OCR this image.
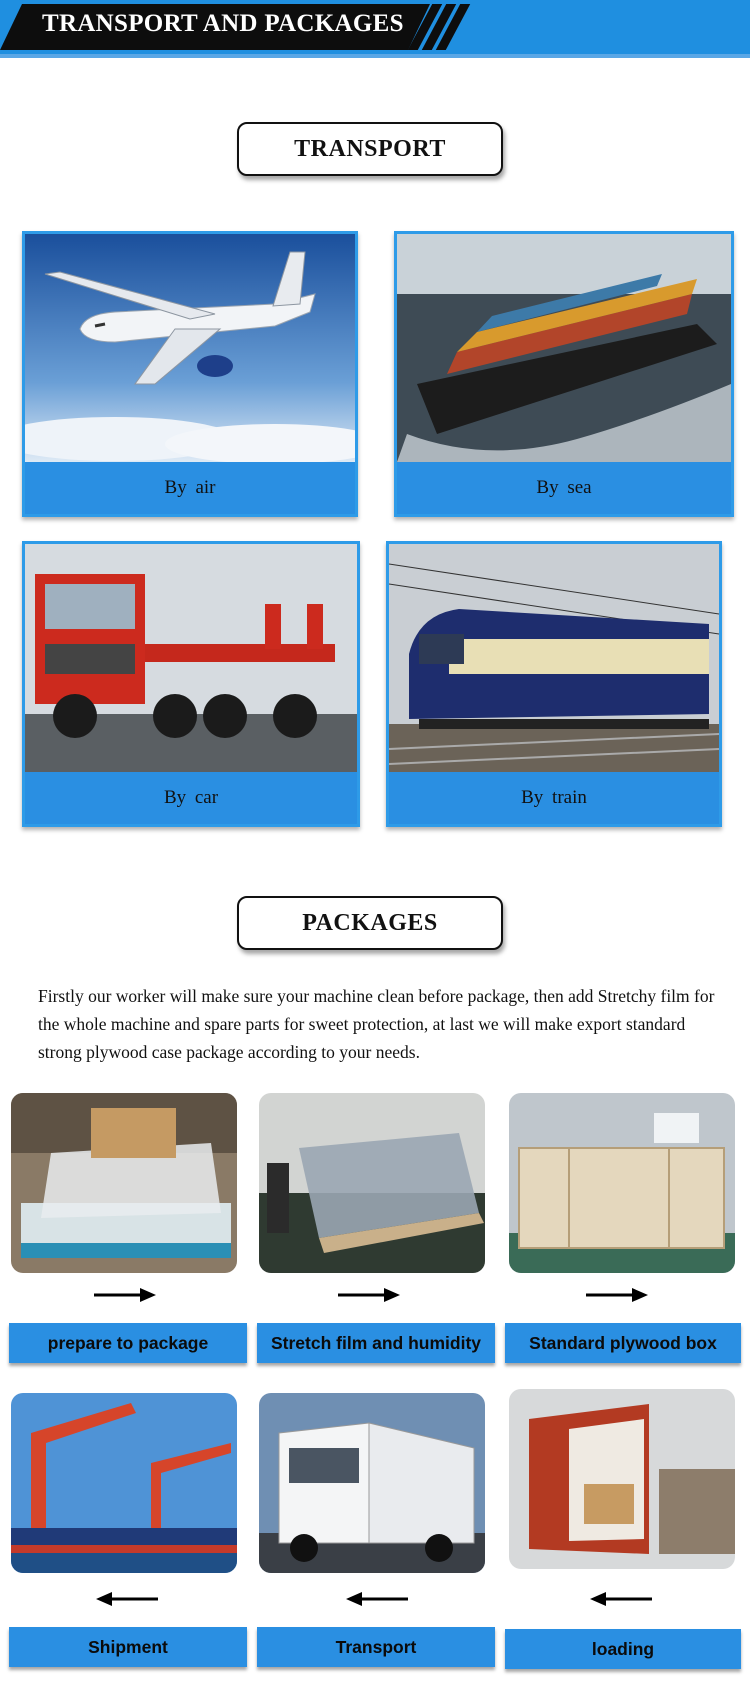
TRANSPORT AND PACKAGES
TRANSPORT
By air	By sea
By car	By train
PACKAGES
Firstly our worker will make sure your machine clean before package, then add Stretchy film for the whole machine and spare parts for sweet protection, at last we will make export standard strong plywood case package according to your needs.
prepare to package	Stretch film and humidity	Standard plywood box
Shipment	Transport	loading
